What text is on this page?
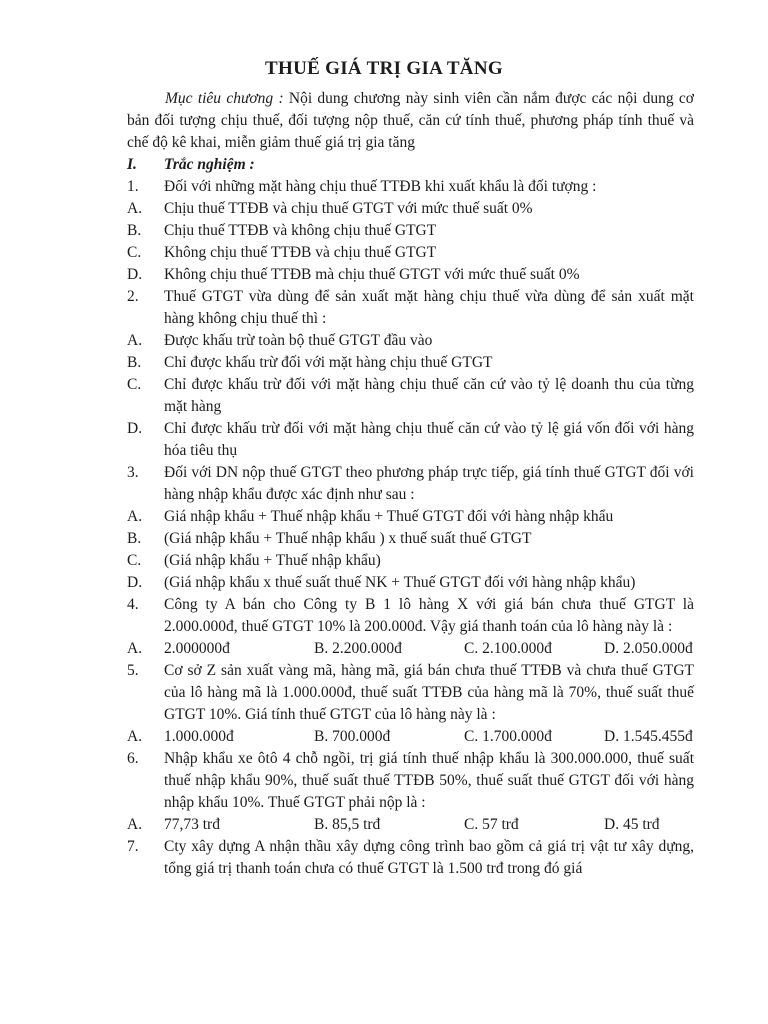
THUẾ GIÁ TRỊ GIA TĂNG

Mục tiêu chương : Nội dung chương này sinh viên cần nắm được các nội dung cơ bản đối tượng chịu thuế, đối tượng nộp thuế, căn cứ tính thuế, phương pháp tính thuế và chế độ kê khai, miễn giảm thuế giá trị gia tăng

I.	Trắc nghiệm :
1.	Đối với những mặt hàng chịu thuế TTĐB khi xuất khẩu là đối tượng :
A.	Chịu thuế TTĐB và chịu thuế GTGT với mức thuế suất 0%
B.	Chịu thuế TTĐB và không chịu thuế GTGT
C.	Không chịu thuế TTĐB và chịu thuế GTGT
D.	Không chịu thuế TTĐB mà chịu thuế GTGT với mức thuế suất 0%
2.	Thuế GTGT vừa dùng để sản xuất mặt hàng chịu thuế vừa dùng để sản xuất mặt hàng không chịu thuế thì :
A.	Được khấu trừ toàn bộ thuế GTGT đầu vào
B.	Chỉ được khấu trừ đối với mặt hàng chịu thuế GTGT
C.	Chỉ được khấu trừ đối với mặt hàng chịu thuế căn cứ vào tỷ lệ doanh thu của từng mặt hàng
D.	Chỉ được khấu trừ đối với mặt hàng chịu thuế căn cứ vào tỷ lệ giá vốn đối với hàng hóa tiêu thụ
3.	Đối với DN nộp thuế GTGT theo phương pháp trực tiếp, giá tính thuế GTGT đối với hàng nhập khẩu được xác định như sau :
A.	Giá nhập khẩu + Thuế nhập khẩu + Thuế GTGT đối với hàng nhập khẩu
B.	(Giá nhập khẩu + Thuế nhập khẩu ) x thuế suất thuế GTGT
C.	(Giá nhập khẩu + Thuế nhập khẩu)
D.	(Giá nhập khẩu x thuế suất thuế NK + Thuế GTGT đối với hàng nhập khẩu)
4.	Công ty A bán cho Công ty B 1 lô hàng X với giá bán chưa thuế GTGT là 2.000.000đ, thuế GTGT 10% là 200.000đ. Vậy giá thanh toán của lô hàng này là :
A.	2.000000đ	B. 2.200.000đ	C. 2.100.000đ	D. 2.050.000đ
5.	Cơ sở Z sản xuất vàng mã, hàng mã, giá bán chưa thuế TTĐB và chưa thuế GTGT của lô hàng mã là 1.000.000đ, thuế suất TTĐB của hàng mã là 70%, thuế suất thuế GTGT 10%. Giá tính thuế GTGT của lô hàng này là :
A.	1.000.000đ	B. 700.000đ	C. 1.700.000đ	D. 1.545.455đ
6.	Nhập khẩu xe ôtô 4 chỗ ngồi, trị giá tính thuế nhập khẩu là 300.000.000, thuế suất thuế nhập khẩu 90%, thuế suất thuế TTĐB 50%, thuế suất thuế GTGT đối với hàng nhập khẩu 10%. Thuế GTGT phải nộp là :
A.	77,73 trđ	B. 85,5 trđ	C. 57 trđ	D. 45 trđ
7.	Cty xây dựng A nhận thầu xây dựng công trình bao gồm cả giá trị vật tư xây dựng, tổng giá trị thanh toán chưa có thuế GTGT là 1.500 trđ trong đó giá
